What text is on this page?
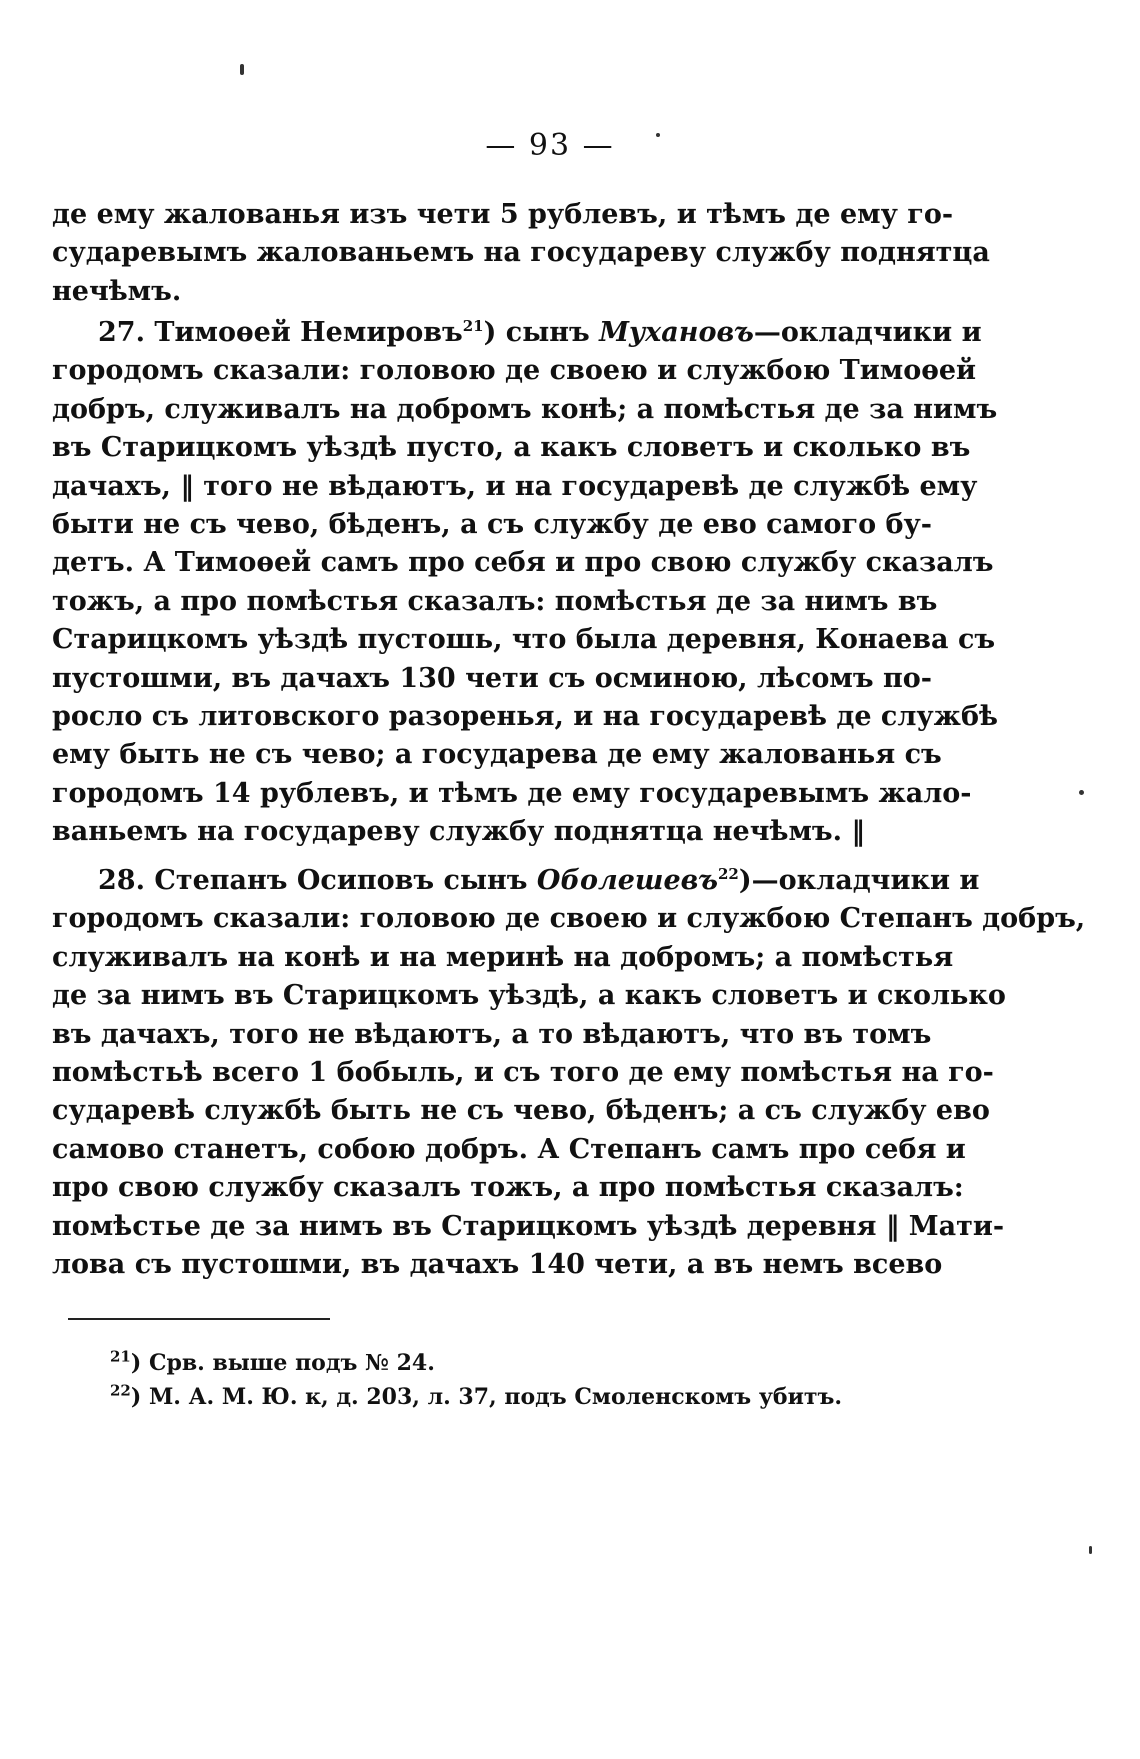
— 93 —
де ему жалованья изъ чети 5 рублевъ, и тѣмъ де ему го-
сударевымъ жалованьемъ на государеву службу поднятца
нечѣмъ.
27. Тимоѳей Немировъ$^{21}$) сынъ Мухановъ—окладчики и
городомъ сказали: головою де своею и службою Тимоѳей
добръ, служивалъ на добромъ конѣ; а помѣстья де за нимъ
въ Старицкомъ уѣздѣ пусто, а какъ словетъ и сколько въ
дачахъ, ‖ того не вѣдаютъ, и на государевѣ де службѣ ему
быти не съ чево, бѣденъ, а съ службу де ево самого бу-
детъ. А Тимоѳей самъ про себя и про свою службу сказалъ
тожъ, а про помѣстья сказалъ: помѣстья де за нимъ въ
Старицкомъ уѣздѣ пустошь, что была деревня, Конаева съ
пустошми, въ дачахъ 130 чети съ осминою, лѣсомъ по-
росло съ литовского разоренья, и на государевѣ де службѣ
ему быть не съ чево; а государева де ему жалованья съ
городомъ 14 рублевъ, и тѣмъ де ему государевымъ жало-
ваньемъ на государеву службу поднятца нечѣмъ. ‖
28. Степанъ Осиповъ сынъ Оболешевъ$^{22}$)—окладчики и
городомъ сказали: головою де своею и службою Степанъ добръ,
служивалъ на конѣ и на меринѣ на добромъ; а помѣстья
де за нимъ въ Старицкомъ уѣздѣ, а какъ словетъ и сколько
въ дачахъ, того не вѣдаютъ, а то вѣдаютъ, что въ томъ
помѣстьѣ всего 1 бобыль, и съ того де ему помѣстья на го-
сударевѣ службѣ быть не съ чево, бѣденъ; а съ службу ево
самово станетъ, собою добръ. А Степанъ самъ про себя и
про свою службу сказалъ тожъ, а про помѣстья сказалъ:
помѣстье де за нимъ въ Старицкомъ уѣздѣ деревня ‖ Мати-
лова съ пустошми, въ дачахъ 140 чети, а въ немъ всево
$^{21}$) Срв. выше подъ № 24.
$^{22}$) М. А. М. Ю. к, д. 203, л. 37, подъ Смоленскомъ убитъ.
